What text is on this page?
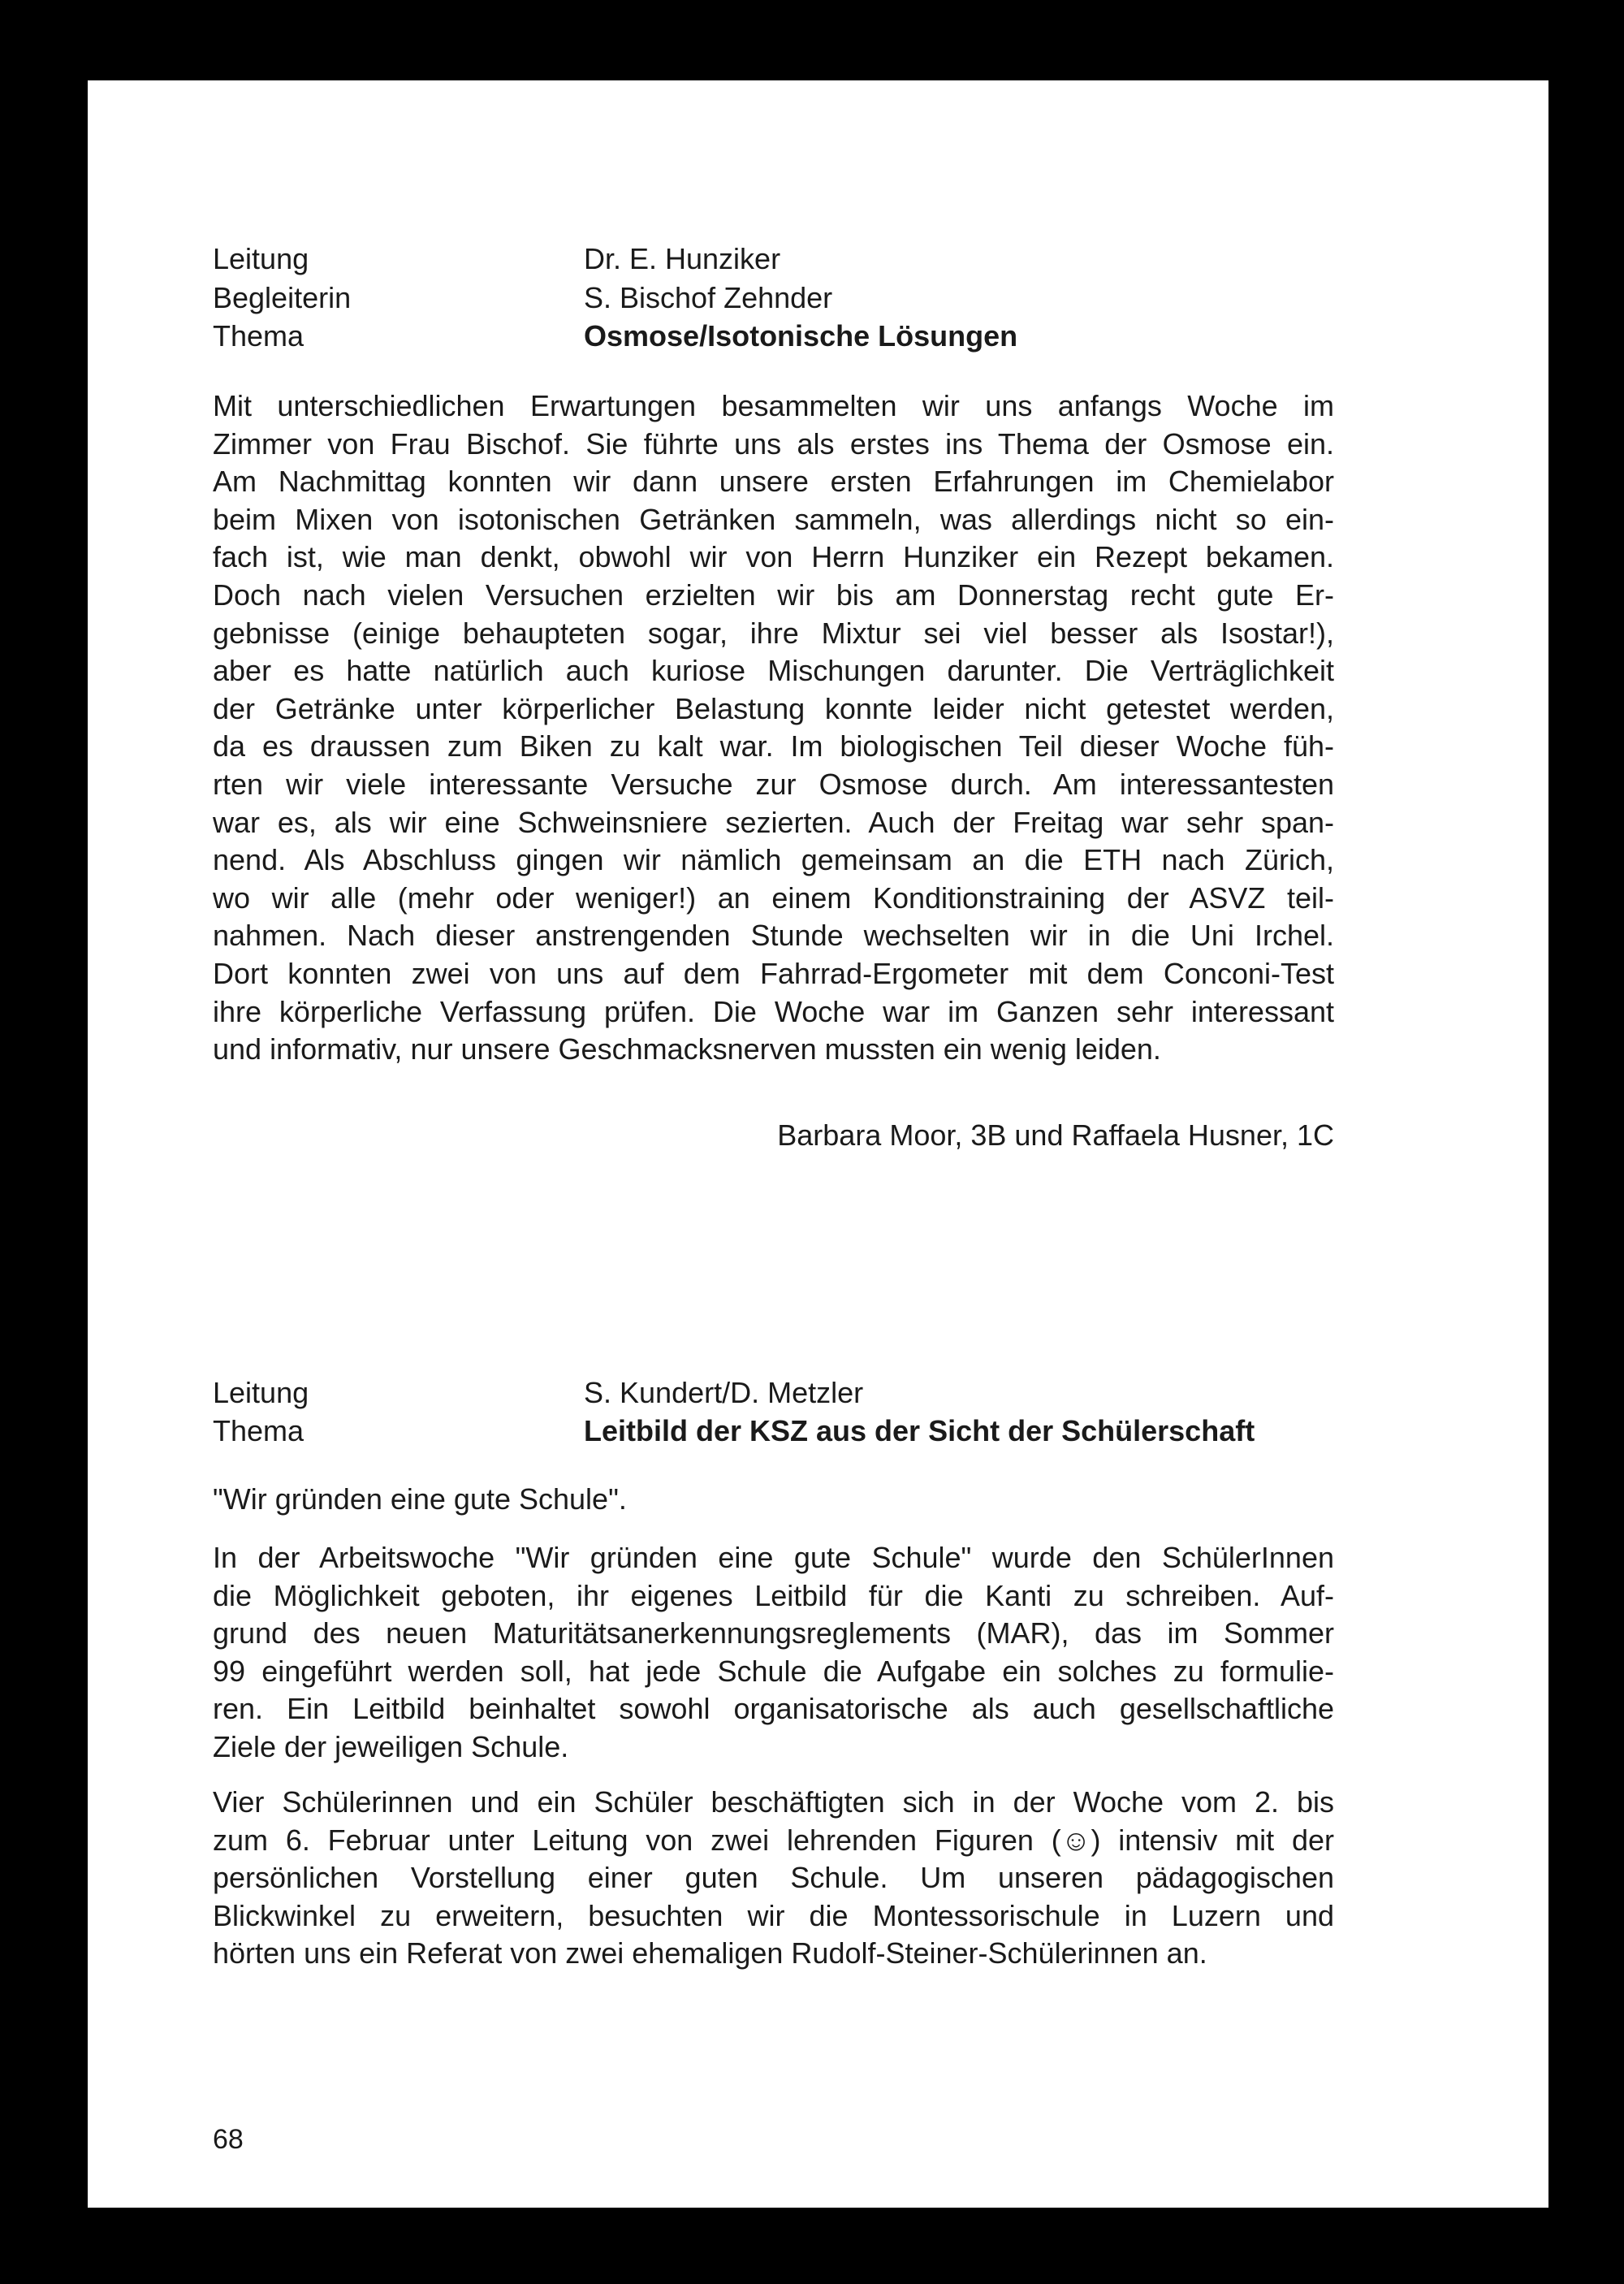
Leitung	Dr. E. Hunziker
Begleiterin	S. Bischof Zehnder
Thema	Osmose/Isotonische Lösungen
Mit unterschiedlichen Erwartungen besammelten wir uns anfangs Woche im
Zimmer von Frau Bischof. Sie führte uns als erstes ins Thema der Osmose ein.
Am Nachmittag konnten wir dann unsere ersten Erfahrungen im Chemielabor
beim Mixen von isotonischen Getränken sammeln, was allerdings nicht so ein-
fach ist, wie man denkt, obwohl wir von Herrn Hunziker ein Rezept bekamen.
Doch nach vielen Versuchen erzielten wir bis am Donnerstag recht gute Er-
gebnisse (einige behaupteten sogar, ihre Mixtur sei viel besser als Isostar!),
aber es hatte natürlich auch kuriose Mischungen darunter. Die Verträglichkeit
der Getränke unter körperlicher Belastung konnte leider nicht getestet werden,
da es draussen zum Biken zu kalt war. Im biologischen Teil dieser Woche füh-
rten wir viele interessante Versuche zur Osmose durch. Am interessantesten
war es, als wir eine Schweinsniere sezierten. Auch der Freitag war sehr span-
nend. Als Abschluss gingen wir nämlich gemeinsam an die ETH nach Zürich,
wo wir alle (mehr oder weniger!) an einem Konditionstraining der ASVZ teil-
nahmen. Nach dieser anstrengenden Stunde wechselten wir in die Uni Irchel.
Dort konnten zwei von uns auf dem Fahrrad-Ergometer mit dem Conconi-Test
ihre körperliche Verfassung prüfen. Die Woche war im Ganzen sehr interessant
und informativ, nur unsere Geschmacksnerven mussten ein wenig leiden.
Barbara Moor, 3B und Raffaela Husner, 1C
Leitung	S. Kundert/D. Metzler
Thema	Leitbild der KSZ aus der Sicht der Schülerschaft
"Wir gründen eine gute Schule".
In der Arbeitswoche "Wir gründen eine gute Schule" wurde den SchülerInnen
die Möglichkeit geboten, ihr eigenes Leitbild für die Kanti zu schreiben. Auf-
grund des neuen Maturitätsanerkennungsreglements (MAR), das im Sommer
99 eingeführt werden soll, hat jede Schule die Aufgabe ein solches zu formulie-
ren. Ein Leitbild beinhaltet sowohl organisatorische als auch gesellschaftliche
Ziele der jeweiligen Schule.
Vier Schülerinnen und ein Schüler beschäftigten sich in der Woche vom 2. bis
zum 6. Februar unter Leitung von zwei lehrenden Figuren (☺) intensiv mit der
persönlichen Vorstellung einer guten Schule. Um unseren pädagogischen
Blickwinkel zu erweitern, besuchten wir die Montessorischule in Luzern und
hörten uns ein Referat von zwei ehemaligen Rudolf-Steiner-Schülerinnen an.
68
